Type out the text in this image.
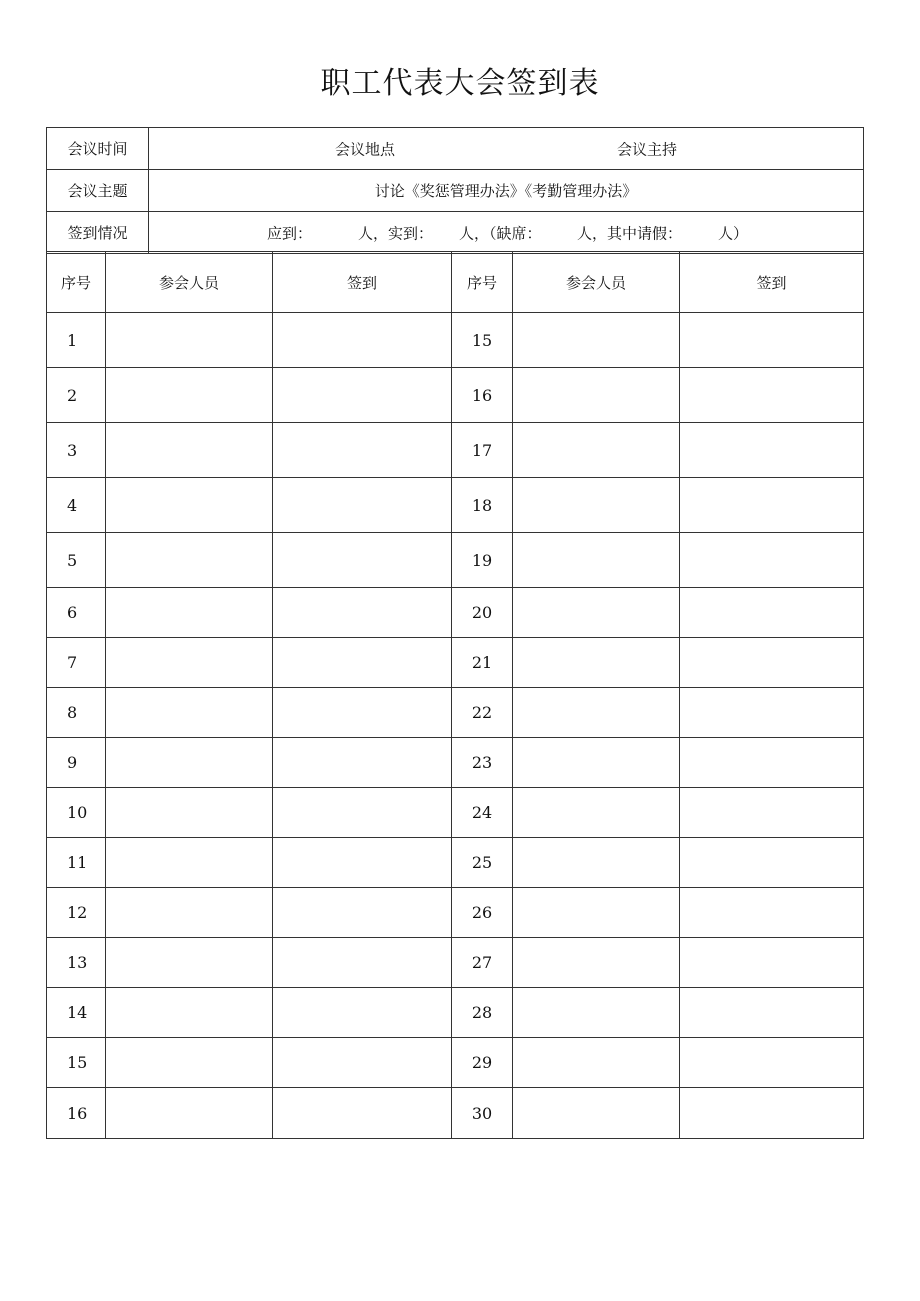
职工代表大会签到表
会议时间	会议地点 会议主持

会议主题	讨论《奖惩管理办法》《考勤管理办法》
签到情况	应到： 人，实到： 人，（缺席： 人，其中请假： 人）
序号	参会人员	签到	序号	参会人员	签到
1			15		
2			16		
3			17		
4			18		
5			19		
6			20		
7			21		
8			22		
9			23		
10			24		
11			25		
12			26		
13			27		
14			28		
15			29		
16			30		
